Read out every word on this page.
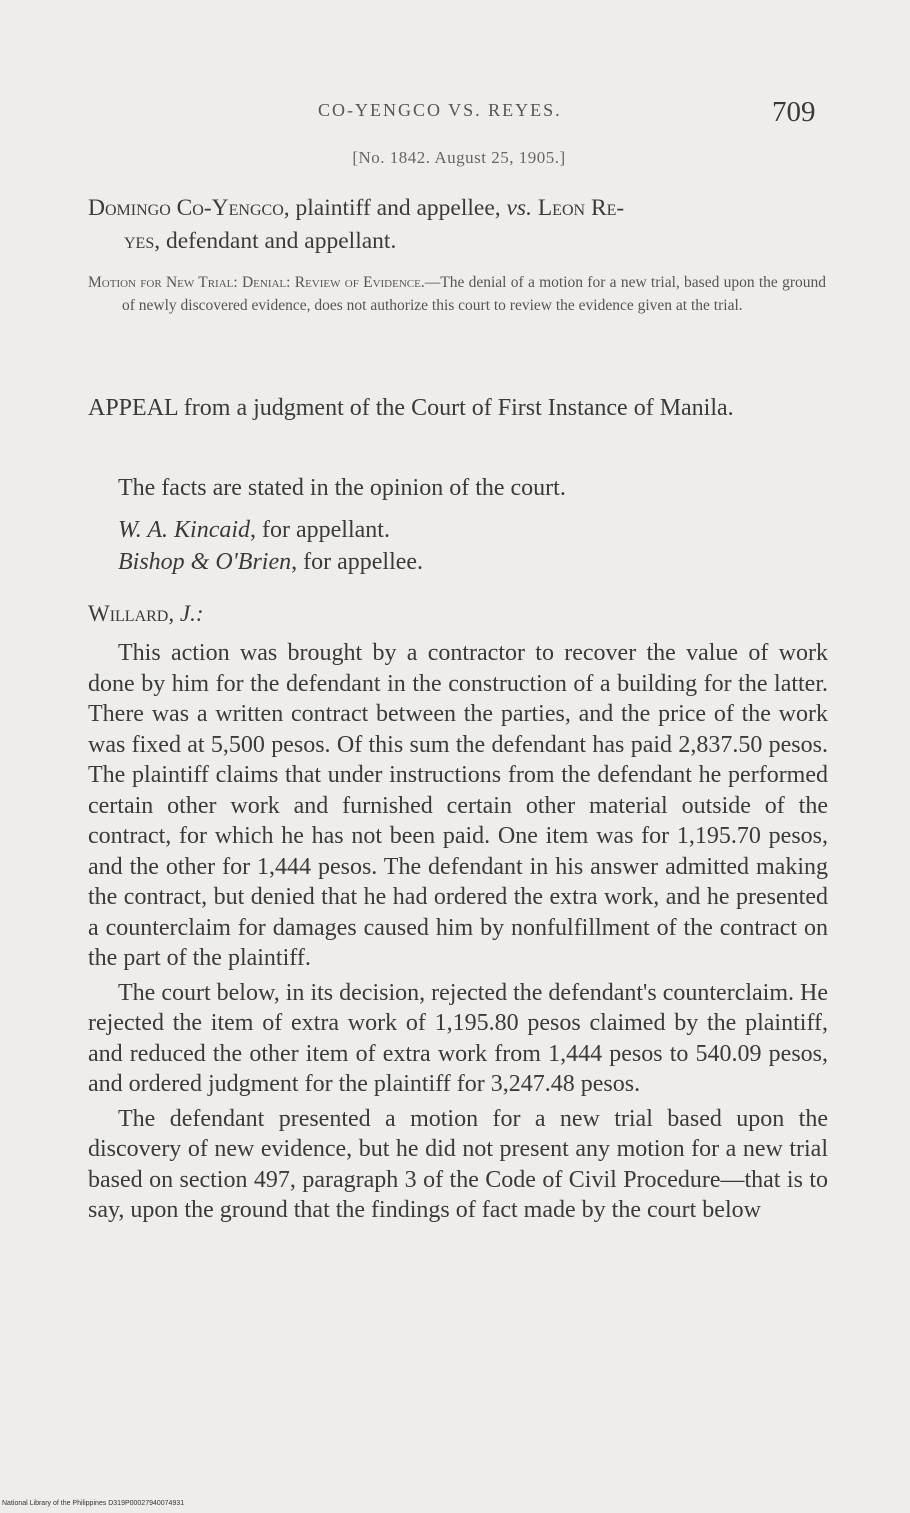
CO-YENGCO VS. REYES.	709
[No. 1842. August 25, 1905.]
Domingo Co-Yengco, plaintiff and appellee, vs. Leon Re-
yes, defendant and appellant.
Motion for New Trial: Denial: Review of Evidence.—The denial of a motion for a new trial, based upon the ground of newly discovered evidence, does not authorize this court to review the evidence given at the trial.
APPEAL from a judgment of the Court of First Instance of Manila.
The facts are stated in the opinion of the court.
W. A. Kincaid, for appellant.
Bishop & O'Brien, for appellee.
Willard, J.:

This action was brought by a contractor to recover the value of work done by him for the defendant in the construction of a building for the latter. There was a written contract between the parties, and the price of the work was fixed at 5,500 pesos. Of this sum the defendant has paid 2,837.50 pesos. The plaintiff claims that under instructions from the defendant he performed certain other work and furnished certain other material outside of the contract, for which he has not been paid. One item was for 1,195.70 pesos, and the other for 1,444 pesos. The defendant in his answer admitted making the contract, but denied that he had ordered the extra work, and he presented a counterclaim for damages caused him by nonfulfillment of the contract on the part of the plaintiff.

The court below, in its decision, rejected the defendant's counterclaim. He rejected the item of extra work of 1,195.80 pesos claimed by the plaintiff, and reduced the other item of extra work from 1,444 pesos to 540.09 pesos, and ordered judgment for the plaintiff for 3,247.48 pesos.

The defendant presented a motion for a new trial based upon the discovery of new evidence, but he did not present any motion for a new trial based on section 497, paragraph 3 of the Code of Civil Procedure—that is to say, upon the ground that the findings of fact made by the court below

National Library of the Philippines D319P00027940074931
